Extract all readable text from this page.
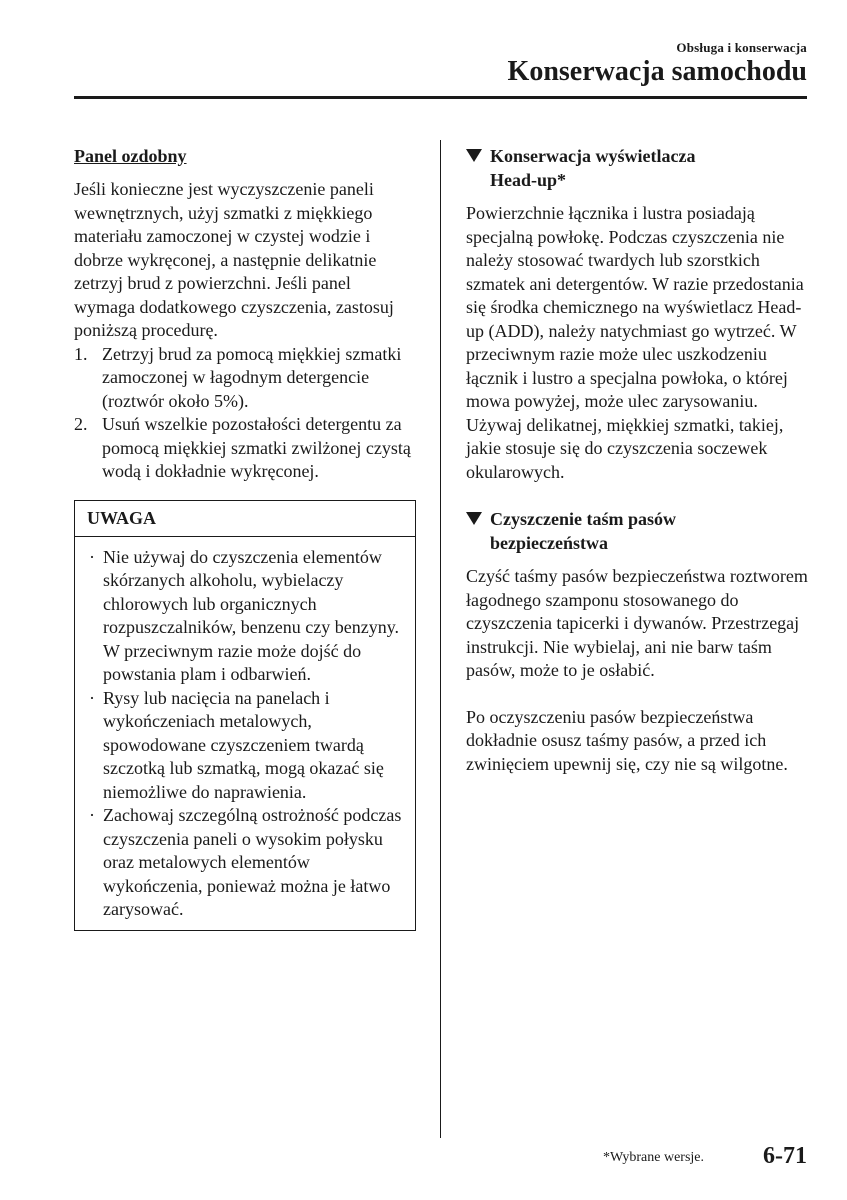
Obsługa i konserwacja
Konserwacja samochodu
Panel ozdobny

Jeśli konieczne jest wyczyszczenie paneli wewnętrznych, użyj szmatki z miękkiego materiału zamoczonej w czystej wodzie i dobrze wykręconej, a następnie delikatnie zetrzyj brud z powierzchni. Jeśli panel wymaga dodatkowego czyszczenia, zastosuj poniższą procedurę.

1. Zetrzyj brud za pomocą miękkiej szmatki zamoczonej w łagodnym detergencie (roztwór około 5%).
2. Usuń wszelkie pozostałości detergentu za pomocą miękkiej szmatki zwilżonej czystą wodą i dokładnie wykręconej.
UWAGA
· Nie używaj do czyszczenia elementów skórzanych alkoholu, wybielaczy chlorowych lub organicznych rozpuszczalników, benzenu czy benzyny. W przeciwnym razie może dojść do powstania plam i odbarwień.
· Rysy lub nacięcia na panelach i wykończeniach metalowych, spowodowane czyszczeniem twardą szczotką lub szmatką, mogą okazać się niemożliwe do naprawienia.
· Zachowaj szczególną ostrożność podczas czyszczenia paneli o wysokim połysku oraz metalowych elementów wykończenia, ponieważ można je łatwo zarysować.
Konserwacja wyświetlacza
Head-up*

Powierzchnie łącznika i lustra posiadają specjalną powłokę. Podczas czyszczenia nie należy stosować twardych lub szorstkich szmatek ani detergentów. W razie przedostania się środka chemicznego na wyświetlacz Head-up (ADD), należy natychmiast go wytrzeć. W przeciwnym razie może ulec uszkodzeniu łącznik i lustro a specjalna powłoka, o której mowa powyżej, może ulec zarysowaniu. Używaj delikatnej, miękkiej szmatki, takiej, jakie stosuje się do czyszczenia soczewek okularowych.

Czyszczenie taśm pasów
bezpieczeństwa

Czyść taśmy pasów bezpieczeństwa roztworem łagodnego szamponu stosowanego do czyszczenia tapicerki i dywanów. Przestrzegaj instrukcji. Nie wybielaj, ani nie barw taśm pasów, może to je osłabić.

Po oczyszczeniu pasów bezpieczeństwa dokładnie osusz taśmy pasów, a przed ich zwinięciem upewnij się, czy nie są wilgotne.

*Wybrane wersje. 6-71
